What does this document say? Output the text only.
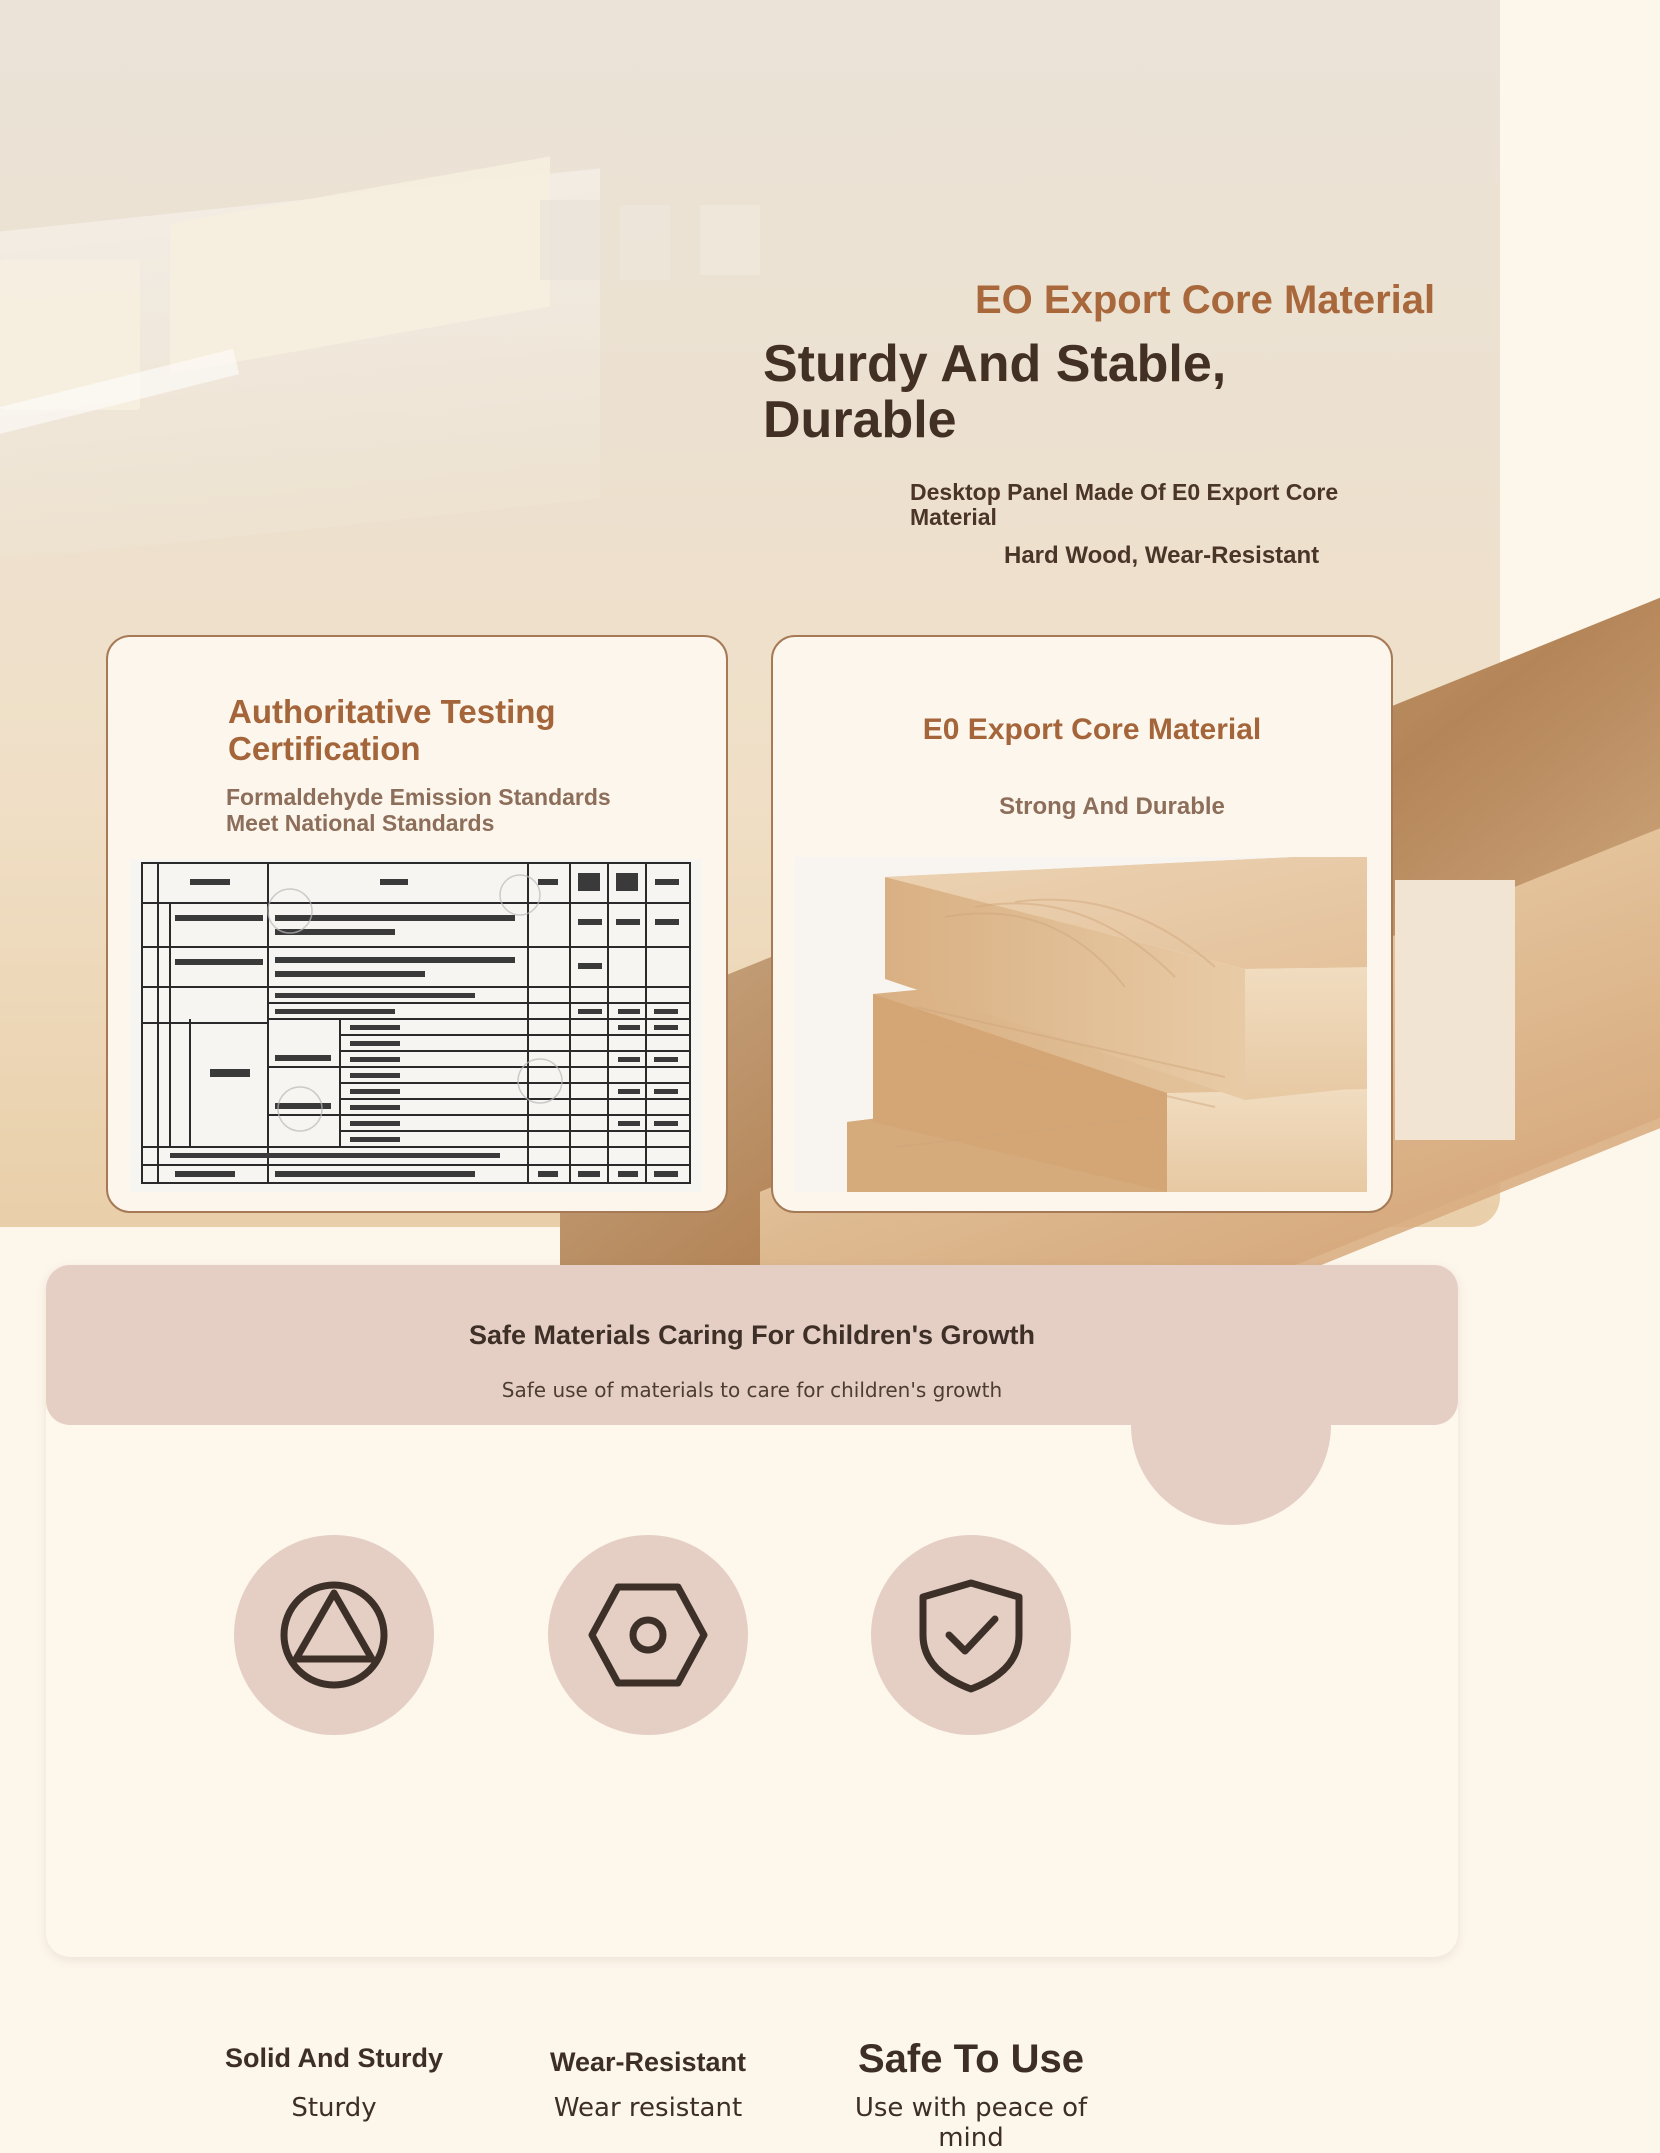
EO Export Core Material
Sturdy And Stable, Durable
Desktop Panel Made Of E0 Export Core Material
Hard Wood, Wear-Resistant
Authoritative Testing Certification
Formaldehyde Emission Standards Meet National Standards
E0 Export Core Material
Strong And Durable
Safe Materials Caring For Children's Growth
Safe use of materials to care for children's growth
Solid And Sturdy
Sturdy
Wear-Resistant
Wear resistant
Safe To Use
Use with peace of mind
